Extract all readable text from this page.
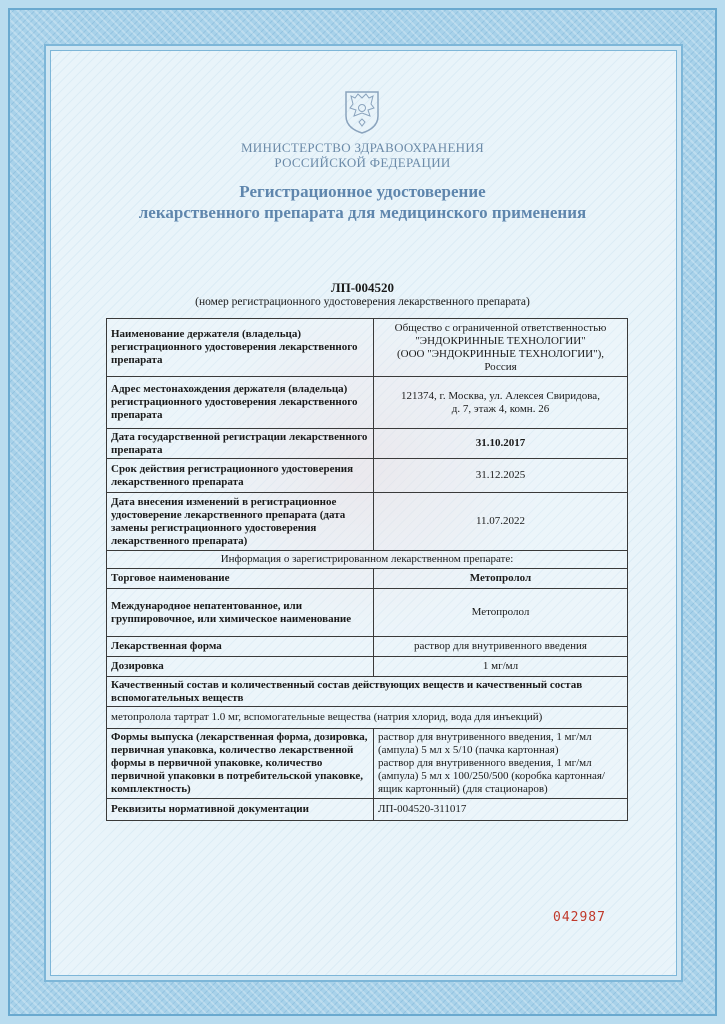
МИНИСТЕРСТВО ЗДРАВООХРАНЕНИЯ
РОССИЙСКОЙ ФЕДЕРАЦИИ
Регистрационное удостоверение
лекарственного препарата для медицинского применения
ЛП-004520
(номер регистрационного удостоверения лекарственного препарата)
Наименование держателя (владельца) регистрационного удостоверения лекарственного препарата	Общество с ограниченной ответственностью
"ЭНДОКРИННЫЕ ТЕХНОЛОГИИ"
(ООО "ЭНДОКРИННЫЕ ТЕХНОЛОГИИ"),
Россия

Адрес местонахождения держателя (владельца) регистрационного удостоверения лекарственного препарата	121374, г. Москва, ул. Алексея Свиридова,
д. 7, этаж 4, комн. 26

Дата государственной регистрации лекарственного препарата	31.10.2017
Срок действия регистрационного удостоверения лекарственного препарата	31.12.2025
Дата внесения изменений в регистрационное удостоверение лекарственного препарата (дата замены регистрационного удостоверения лекарственного препарата)	11.07.2022
Информация о зарегистрированном лекарственном препарате:	
Торговое наименование	Метопролол
Международное непатентованное, или группировочное, или химическое наименование	Метопролол
Лекарственная форма	раствор для внутривенного введения
Дозировка	1 мг/мл
Качественный состав и количественный состав действующих веществ и качественный состав вспомогательных веществ	
метопролола тартрат 1.0 мг, вспомогательные вещества (натрия хлорид, вода для инъекций)	
Формы выпуска (лекарственная форма, дозировка, первичная упаковка, количество лекарственной формы в первичной упаковке, количество первичной упаковки в потребительской упаковке, комплектность)	раствор для внутривенного введения, 1 мг/мл (ампула) 5 мл х 5/10 (пачка картонная)
раствор для внутривенного введения, 1 мг/мл (ампула) 5 мл х 100/250/500 (коробка картонная/ящик картонный) (для стационаров)

Реквизиты нормативной документации	ЛП-004520-311017
042987
